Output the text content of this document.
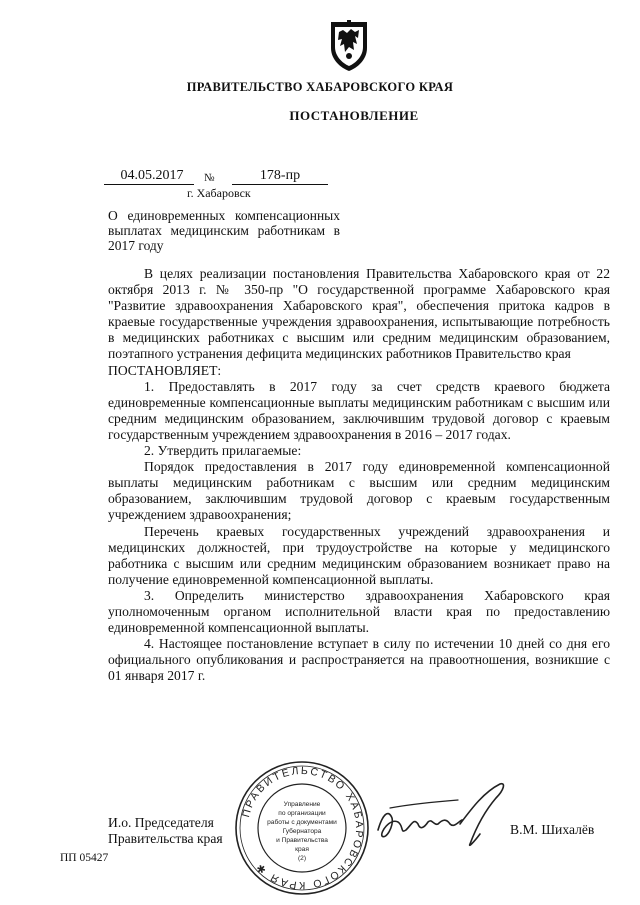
ПРАВИТЕЛЬСТВО ХАБАРОВСКОГО КРАЯ
ПОСТАНОВЛЕНИЕ
04.05.2017	№	178-пр
г. Хабаровск
О единовременных компенсационных выплатах медицинским работникам в 2017 году

В целях реализации постановления Правительства Хабаровского края от 22 октября 2013 г. № 350-пр "О государственной программе Хабаровского края "Развитие здравоохранения Хабаровского края", обеспечения притока кадров в краевые государственные учреждения здравоохранения, испытывающие потребность в медицинских работниках с высшим или средним медицинским образованием, поэтапного устранения дефицита медицинских работников Правительство края

ПОСТАНОВЛЯЕТ:

1. Предоставлять в 2017 году за счет средств краевого бюджета единовременные компенсационные выплаты медицинским работникам с высшим или средним медицинским образованием, заключившим трудовой договор с краевым государственным учреждением здравоохранения в 2016 – 2017 годах.

2. Утвердить прилагаемые:

Порядок предоставления в 2017 году единовременной компенсационной выплаты медицинским работникам с высшим или средним медицинским образованием, заключившим трудовой договор с краевым государственным учреждением здравоохранения;

Перечень краевых государственных учреждений здравоохранения и медицинских должностей, при трудоустройстве на которые у медицинского работника с высшим или средним медицинским образованием возникает право на получение единовременной компенсационной выплаты.

3. Определить министерство здравоохранения Хабаровского края уполномоченным органом исполнительной власти края по предоставлению единовременной компенсационной выплаты.

4. Настоящее постановление вступает в силу по истечении 10 дней со дня его официального опубликования и распространяется на правоотношения, возникшие с 01 января 2017 г.

ПРАВИТЕЛЬСТВО ХАБАРОВСКОГО КРАЯ ✱
Управление
по организации
работы с документами
Губернатора
и Правительства
края
(2)
И.о. Председателя
Правительства края
В.М. Шихалёв
ПП 05427
